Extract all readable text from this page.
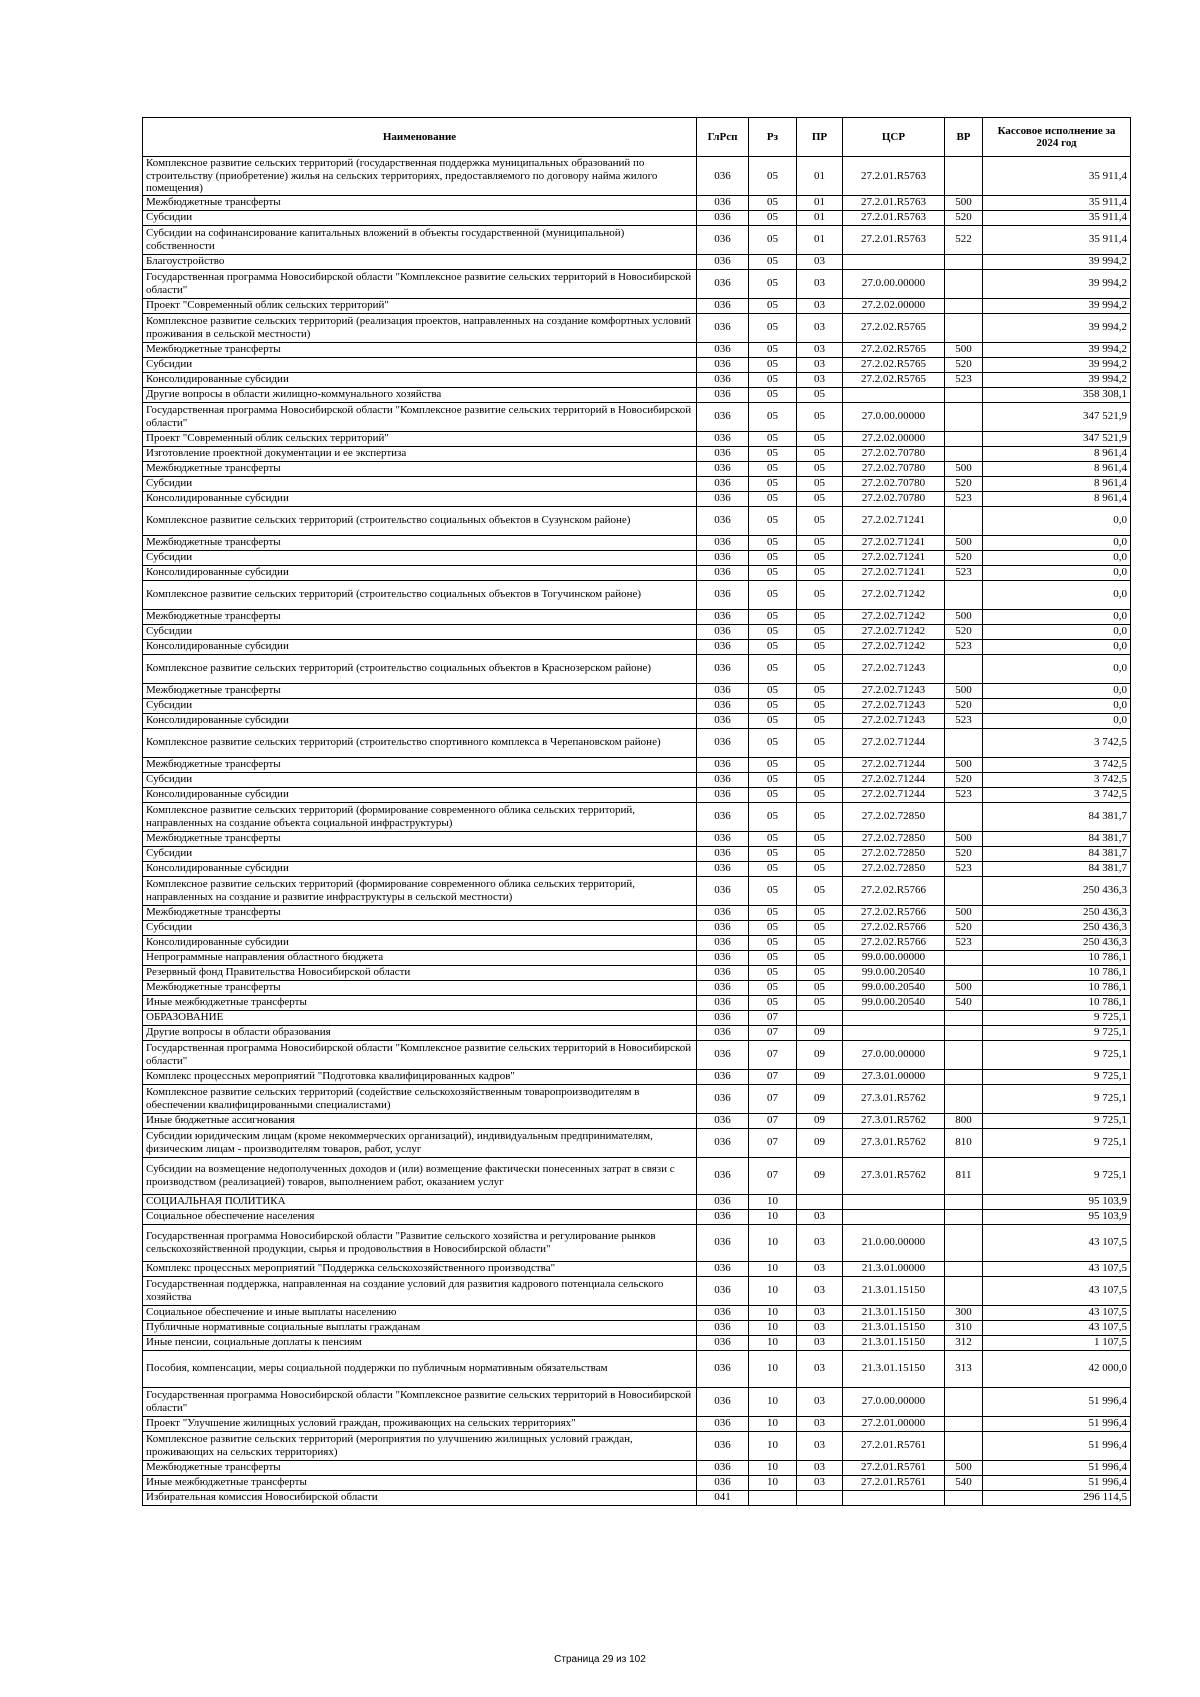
Наименование	ГлРсп	Рз	ПР	ЦСР	ВР	Кассовое исполнение за 2024 год
Комплексное развитие сельских территорий (государственная поддержка муниципальных образований по строительству (приобретение) жилья на сельских территориях, предоставляемого по договору найма жилого помещения)	036	05	01	27.2.01.R5763		35 911,4
Межбюджетные трансферты	036	05	01	27.2.01.R5763	500	35 911,4
Субсидии	036	05	01	27.2.01.R5763	520	35 911,4
Субсидии на софинансирование капитальных вложений в объекты государственной (муниципальной) собственности	036	05	01	27.2.01.R5763	522	35 911,4
Благоустройство	036	05	03			39 994,2
Государственная программа Новосибирской области "Комплексное развитие сельских территорий в Новосибирской области"	036	05	03	27.0.00.00000		39 994,2
Проект "Современный облик сельских территорий"	036	05	03	27.2.02.00000		39 994,2
Комплексное развитие сельских территорий (реализация проектов, направленных на создание комфортных условий проживания в сельской местности)	036	05	03	27.2.02.R5765		39 994,2
Межбюджетные трансферты	036	05	03	27.2.02.R5765	500	39 994,2
Субсидии	036	05	03	27.2.02.R5765	520	39 994,2
Консолидированные субсидии	036	05	03	27.2.02.R5765	523	39 994,2
Другие вопросы в области жилищно-коммунального хозяйства	036	05	05			358 308,1
Государственная программа Новосибирской области "Комплексное развитие сельских территорий в Новосибирской области"	036	05	05	27.0.00.00000		347 521,9
Проект "Современный облик сельских территорий"	036	05	05	27.2.02.00000		347 521,9
Изготовление проектной документации и ее экспертиза	036	05	05	27.2.02.70780		8 961,4
Межбюджетные трансферты	036	05	05	27.2.02.70780	500	8 961,4
Субсидии	036	05	05	27.2.02.70780	520	8 961,4
Консолидированные субсидии	036	05	05	27.2.02.70780	523	8 961,4
Комплексное развитие сельских территорий (строительство социальных объектов в Сузунском районе)	036	05	05	27.2.02.71241		0,0
Межбюджетные трансферты	036	05	05	27.2.02.71241	500	0,0
Субсидии	036	05	05	27.2.02.71241	520	0,0
Консолидированные субсидии	036	05	05	27.2.02.71241	523	0,0
Комплексное развитие сельских территорий (строительство социальных объектов в Тогучинском районе)	036	05	05	27.2.02.71242		0,0
Межбюджетные трансферты	036	05	05	27.2.02.71242	500	0,0
Субсидии	036	05	05	27.2.02.71242	520	0,0
Консолидированные субсидии	036	05	05	27.2.02.71242	523	0,0
Комплексное развитие сельских территорий (строительство социальных объектов в Краснозерском районе)	036	05	05	27.2.02.71243		0,0
Межбюджетные трансферты	036	05	05	27.2.02.71243	500	0,0
Субсидии	036	05	05	27.2.02.71243	520	0,0
Консолидированные субсидии	036	05	05	27.2.02.71243	523	0,0
Комплексное развитие сельских территорий (строительство спортивного комплекса в Черепановском районе)	036	05	05	27.2.02.71244		3 742,5
Межбюджетные трансферты	036	05	05	27.2.02.71244	500	3 742,5
Субсидии	036	05	05	27.2.02.71244	520	3 742,5
Консолидированные субсидии	036	05	05	27.2.02.71244	523	3 742,5
Комплексное развитие сельских территорий (формирование современного облика сельских территорий, направленных на создание объекта социальной инфраструктуры)	036	05	05	27.2.02.72850		84 381,7
Межбюджетные трансферты	036	05	05	27.2.02.72850	500	84 381,7
Субсидии	036	05	05	27.2.02.72850	520	84 381,7
Консолидированные субсидии	036	05	05	27.2.02.72850	523	84 381,7
Комплексное развитие сельских территорий (формирование современного облика сельских территорий, направленных на создание и развитие инфраструктуры в сельской местности)	036	05	05	27.2.02.R5766		250 436,3
Межбюджетные трансферты	036	05	05	27.2.02.R5766	500	250 436,3
Субсидии	036	05	05	27.2.02.R5766	520	250 436,3
Консолидированные субсидии	036	05	05	27.2.02.R5766	523	250 436,3
Непрограммные направления областного бюджета	036	05	05	99.0.00.00000		10 786,1
Резервный фонд Правительства Новосибирской области	036	05	05	99.0.00.20540		10 786,1
Межбюджетные трансферты	036	05	05	99.0.00.20540	500	10 786,1
Иные межбюджетные трансферты	036	05	05	99.0.00.20540	540	10 786,1
ОБРАЗОВАНИЕ	036	07				9 725,1
Другие вопросы в области образования	036	07	09			9 725,1
Государственная программа Новосибирской области "Комплексное развитие сельских территорий в Новосибирской области"	036	07	09	27.0.00.00000		9 725,1
Комплекс процессных мероприятий "Подготовка квалифицированных кадров"	036	07	09	27.3.01.00000		9 725,1
Комплексное развитие сельских территорий (содействие сельскохозяйственным товаропроизводителям в обеспечении квалифицированными специалистами)	036	07	09	27.3.01.R5762		9 725,1
Иные бюджетные ассигнования	036	07	09	27.3.01.R5762	800	9 725,1
Субсидии юридическим лицам (кроме некоммерческих организаций), индивидуальным предпринимателям, физическим лицам - производителям товаров, работ, услуг	036	07	09	27.3.01.R5762	810	9 725,1
Субсидии на возмещение недополученных доходов и (или) возмещение фактически понесенных затрат в связи с производством (реализацией) товаров, выполнением работ, оказанием услуг	036	07	09	27.3.01.R5762	811	9 725,1
СОЦИАЛЬНАЯ ПОЛИТИКА	036	10				95 103,9
Социальное обеспечение населения	036	10	03			95 103,9
Государственная программа Новосибирской области "Развитие сельского хозяйства и регулирование рынков сельскохозяйственной продукции, сырья и продовольствия в Новосибирской области"	036	10	03	21.0.00.00000		43 107,5
Комплекс процессных мероприятий "Поддержка сельскохозяйственного производства"	036	10	03	21.3.01.00000		43 107,5
Государственная поддержка, направленная на создание условий для развития кадрового потенциала сельского хозяйства	036	10	03	21.3.01.15150		43 107,5
Социальное обеспечение и иные выплаты населению	036	10	03	21.3.01.15150	300	43 107,5
Публичные нормативные социальные выплаты гражданам	036	10	03	21.3.01.15150	310	43 107,5
Иные пенсии, социальные доплаты к пенсиям	036	10	03	21.3.01.15150	312	1 107,5
Пособия, компенсации, меры социальной поддержки по публичным нормативным обязательствам	036	10	03	21.3.01.15150	313	42 000,0
Государственная программа Новосибирской области "Комплексное развитие сельских территорий в Новосибирской области"	036	10	03	27.0.00.00000		51 996,4
Проект "Улучшение жилищных условий граждан, проживающих на сельских территориях"	036	10	03	27.2.01.00000		51 996,4
Комплексное развитие сельских территорий (мероприятия по улучшению жилищных условий граждан, проживающих на сельских территориях)	036	10	03	27.2.01.R5761		51 996,4
Межбюджетные трансферты	036	10	03	27.2.01.R5761	500	51 996,4
Иные межбюджетные трансферты	036	10	03	27.2.01.R5761	540	51 996,4
Избирательная комиссия Новосибирской области	041					296 114,5
Страница 29 из 102
